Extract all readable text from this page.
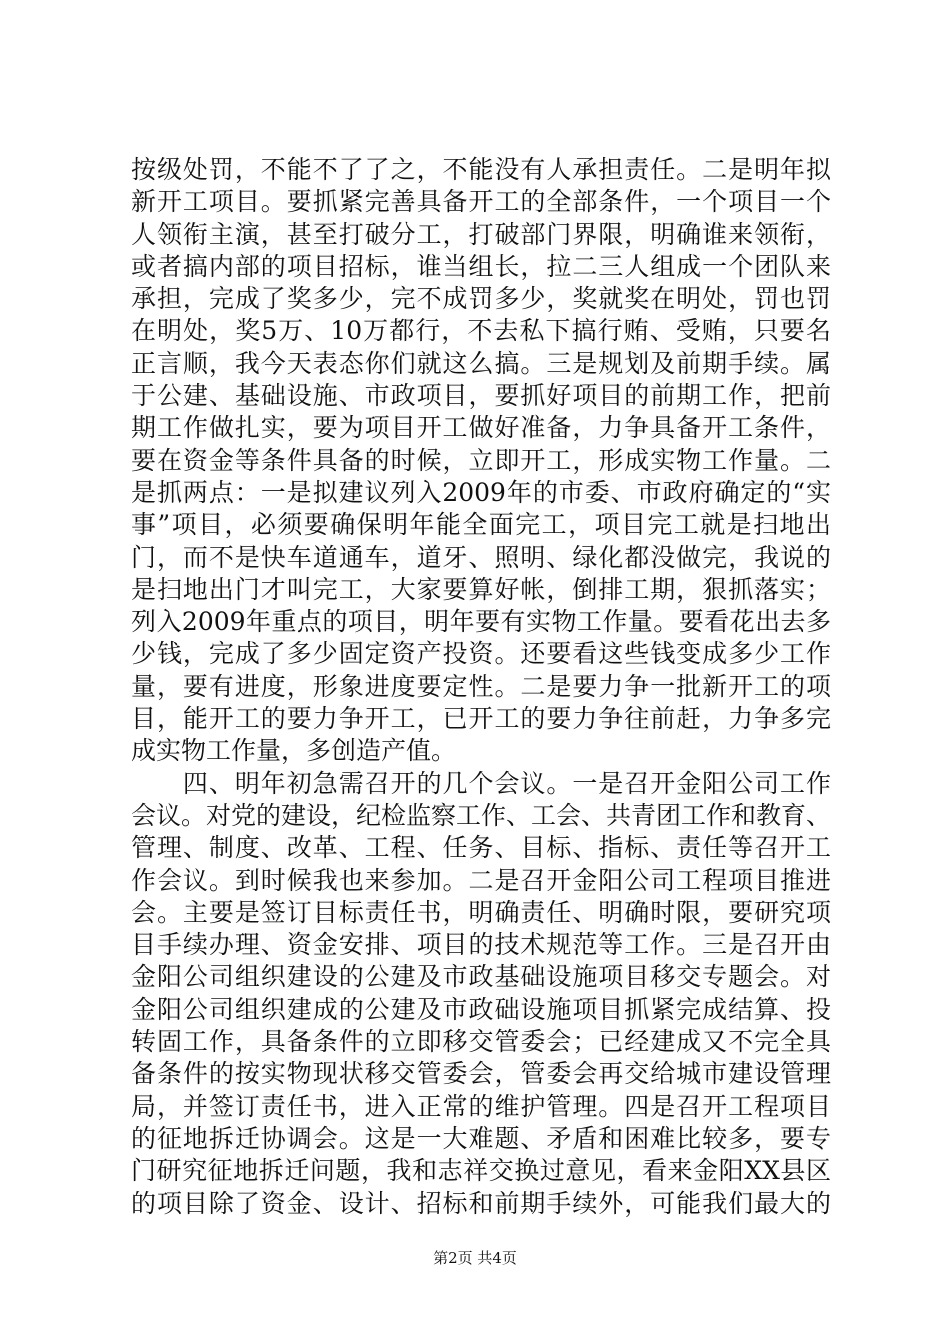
按级处罚，不能不了了之，不能没有人承担责任。二是明年拟
新开工项目。要抓紧完善具备开工的全部条件，一个项目一个
人领衔主演，甚至打破分工，打破部门界限，明确谁来领衔，
或者搞内部的项目招标，谁当组长，拉二三人组成一个团队来
承担，完成了奖多少，完不成罚多少，奖就奖在明处，罚也罚
在明处，奖5万、10万都行，不去私下搞行贿、受贿，只要名
正言顺，我今天表态你们就这么搞。三是规划及前期手续。属
于公建、基础设施、市政项目，要抓好项目的前期工作，把前
期工作做扎实，要为项目开工做好准备，力争具备开工条件，
要在资金等条件具备的时候，立即开工，形成实物工作量。二
是抓两点：一是拟建议列入2009年的市委、市政府确定的“实
事”项目，必须要确保明年能全面完工，项目完工就是扫地出
门，而不是快车道通车，道牙、照明、绿化都没做完，我说的
是扫地出门才叫完工，大家要算好帐，倒排工期，狠抓落实；
列入2009年重点的项目，明年要有实物工作量。要看花出去多
少钱，完成了多少固定资产投资。还要看这些钱变成多少工作
量，要有进度，形象进度要定性。二是要力争一批新开工的项
目，能开工的要力争开工，已开工的要力争往前赶，力争多完
成实物工作量，多创造产值。
　　四、明年初急需召开的几个会议。一是召开金阳公司工作
会议。对党的建设，纪检监察工作、工会、共青团工作和教育、
管理、制度、改革、工程、任务、目标、指标、责任等召开工
作会议。到时候我也来参加。二是召开金阳公司工程项目推进
会。主要是签订目标责任书，明确责任、明确时限，要研究项
目手续办理、资金安排、项目的技术规范等工作。三是召开由
金阳公司组织建设的公建及市政基础设施项目移交专题会。对
金阳公司组织建成的公建及市政础设施项目抓紧完成结算、投
转固工作，具备条件的立即移交管委会；已经建成又不完全具
备条件的按实物现状移交管委会，管委会再交给城市建设管理
局，并签订责任书，进入正常的维护管理。四是召开工程项目
的征地拆迁协调会。这是一大难题、矛盾和困难比较多，要专
门研究征地拆迁问题，我和志祥交换过意见，看来金阳XX县区
的项目除了资金、设计、招标和前期手续外，可能我们最大的
第2页 共4页
